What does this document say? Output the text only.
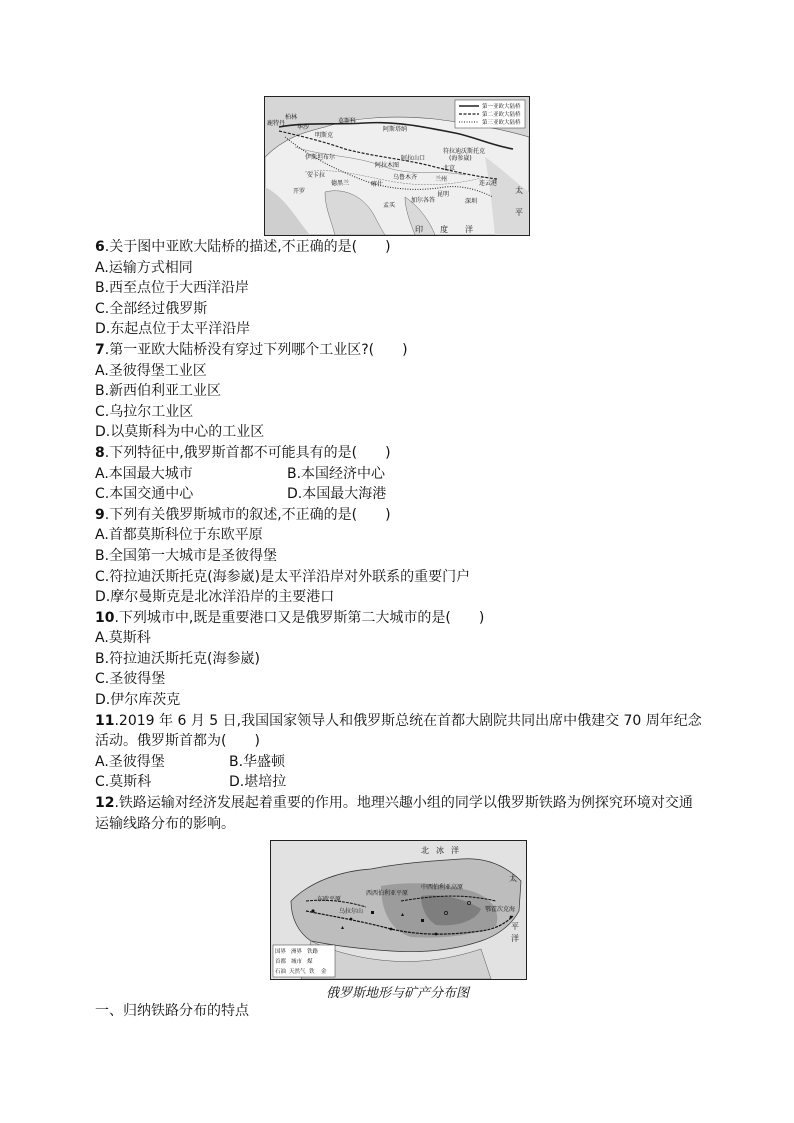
第一亚欧大陆桥
第二亚欧大陆桥
第三亚欧大陆桥
莫斯科
阿斯塔纳
符拉迪沃斯托克
(海参崴)
北京
兰州
乌鲁木齐
阿拉山口
喀什
阿拉木图
德黑兰
伊斯坦布尔
安卡拉
鹿特丹
柏林
华沙
明斯克
连云港
深圳
昆明
加尔各答
孟买
开罗
印 度 洋
太
平
6.关于图中亚欧大陆桥的描述,不正确的是(　　)
A.运输方式相同
B.西至点位于大西洋沿岸
C.全部经过俄罗斯
D.东起点位于太平洋沿岸
7.第一亚欧大陆桥没有穿过下列哪个工业区?(　　)
A.圣彼得堡工业区
B.新西伯利亚工业区
C.乌拉尔工业区
D.以莫斯科为中心的工业区
8.下列特征中,俄罗斯首都不可能具有的是(　　)
A.本国最大城市	B.本国经济中心
C.本国交通中心	D.本国最大海港
9.下列有关俄罗斯城市的叙述,不正确的是(　　)
A.首都莫斯科位于东欧平原
B.全国第一大城市是圣彼得堡
C.符拉迪沃斯托克(海参崴)是太平洋沿岸对外联系的重要门户
D.摩尔曼斯克是北冰洋沿岸的主要港口
10.下列城市中,既是重要港口又是俄罗斯第二大城市的是(　　)
A.莫斯科
B.符拉迪沃斯托克(海参崴)
C.圣彼得堡
D.伊尔库茨克
11.2019 年 6 月 5 日,我国国家领导人和俄罗斯总统在首都大剧院共同出席中俄建交 70 周年纪念活动。俄罗斯首都为(　　)
A.圣彼得堡	B.华盛顿
C.莫斯科	D.堪培拉
12.铁路运输对经济发展起着重要的作用。地理兴趣小组的同学以俄罗斯铁路为例探究环境对交通运输线路分布的影响。
北 冰 洋
太
平
洋
东欧平原
西西伯利亚平原
中西伯利亚高原
鄂霍次克海
乌拉尔山
国界 洲界 铁路
首都 城市 煤
石油 天然气 铁 金
俄罗斯地形与矿产分布图
一、归纳铁路分布的特点
